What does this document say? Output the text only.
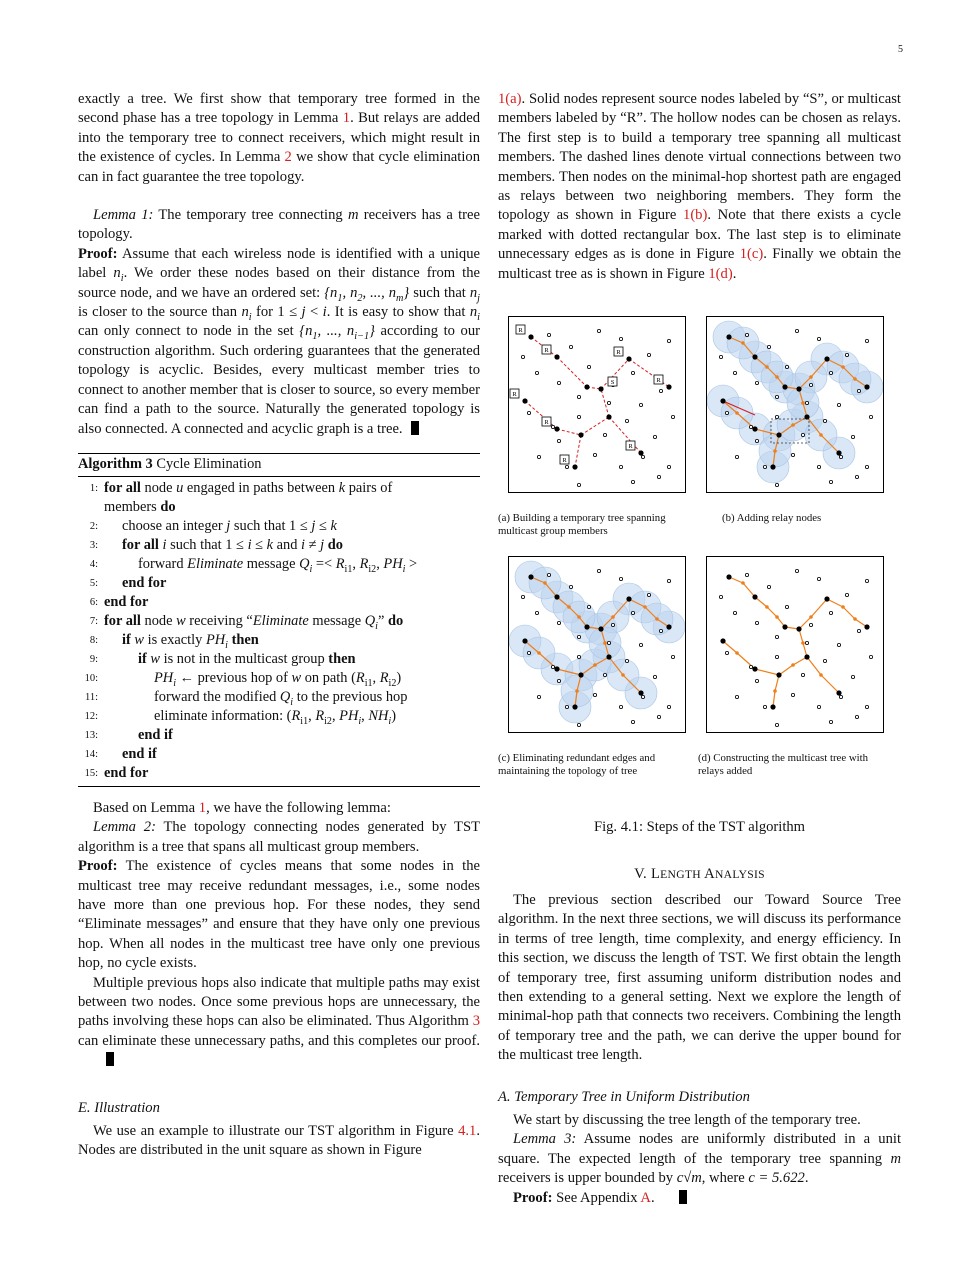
5

exactly a tree. We first show that temporary tree formed in the second phase has a tree topology in Lemma 1. But relays are added into the temporary tree to connect receivers, which might result in the existence of cycles. In Lemma 2 we show that cycle elimination can in fact guarantee the tree topology.

Lemma 1: The temporary tree connecting m receivers has a tree topology.

Proof: Assume that each wireless node is identified with a unique label $n_i$. We order these nodes based on their distance from the source node, and we have an ordered set: {$n_1$, $n_2$, ..., $n_m$} such that $n_j$ is closer to the source than $n_i$ for 1 ≤ j < i. It is easy to show that $n_i$ can only connect to node in the set {$n_1$, ..., $n_{i-1}$} according to our construction algorithm. Such ordering guarantees that the generated topology is acyclic. Besides, every multicast member tries to connect to another member that is closer to source, so every member can find a path to the source. Naturally the generated topology is also connected. A connected and acyclic graph is a tree.

Algorithm 3 Cycle Elimination
1: for all node u engaged in paths between k pairs of
members do
2: choose an integer j such that 1 ≤ j ≤ k
3: for all i such that 1 ≤ i ≤ k and i ≠ j do
4:	forward Eliminate message $Q_i =< R_{i1}$, $R_{i2}$, $PH_i$ >
5: end for
6: end for
7: for all node w receiving “Eliminate message $Q_i$” do
8: if w is exactly $PH_i$ then
9:	if w is not in the multicast group then
10:	$PH_i$ ← previous hop of w on path ($R_{i1}$, $R_{i2}$)
11:	forward the modified $Q_i$ to the previous hop
12:	eliminate information: ($R_{i1}$, $R_{i2}$, $PH_i$, $NH_i$)
13:	end if
14: end if
15: end for

Based on Lemma 1, we have the following lemma:

Lemma 2: The topology connecting nodes generated by TST algorithm is a tree that spans all multicast group members.

Proof: The existence of cycles means that some nodes in the multicast tree may receive redundant messages, i.e., some nodes have more than one previous hop. For these nodes, they send “Eliminate messages” and ensure that they have only one previous hop. When all nodes in the multicast tree have only one previous hop, no cycle exists.

Multiple previous hops also indicate that multiple paths may exist between two nodes. Once some previous hops are unnecessary, the paths involving these hops can also be eliminated. Thus Algorithm 3 can eliminate these unnecessary paths, and this completes our proof.

E. Illustration

We use an example to illustrate our TST algorithm in Figure 4.1. Nodes are distributed in the unit square as shown in Figure

1(a). Solid nodes represent source nodes labeled by “S”, or multicast members labeled by “R”. The hollow nodes can be chosen as relays. The first step is to build a temporary tree spanning all multicast members. The dashed lines denote virtual connections between two members. Then nodes on the minimal-hop shortest path are engaged as relays between two neighboring members. They form the topology as shown in Figure 1(b). Note that there exists a cycle marked with dotted rectangular box. The last step is to eliminate unnecessary edges as is done in Figure 1(c). Finally we obtain the multicast tree as is shown in Figure 1(d).

R
R	R
R
R
R
R
R
S
(a) Building a temporary tree spanning multicast group members
(b) Adding relay nodes
(c) Eliminating redundant edges and maintaining the topology of tree
(d) Constructing the multicast tree with relays added
Fig. 4.1: Steps of the TST algorithm
V. LENGTH ANALYSIS

The previous section described our Toward Source Tree algorithm. In the next three sections, we will discuss its performance in terms of tree length, time complexity, and energy efficiency. In this section, we discuss the length of TST. We first obtain the length of temporary tree, first assuming uniform distribution nodes and then extending to a general setting. Next we explore the length of minimal-hop path that connects two receivers. Combining the length of temporary tree and the path, we can derive the upper bound for the multicast tree length.

A. Temporary Tree in Uniform Distribution

We start by discussing the tree length of the temporary tree.

Lemma 3: Assume nodes are uniformly distributed in a unit square. The expected length of the temporary tree spanning m receivers is upper bounded by c√m, where c = 5.622.

Proof: See Appendix A.
